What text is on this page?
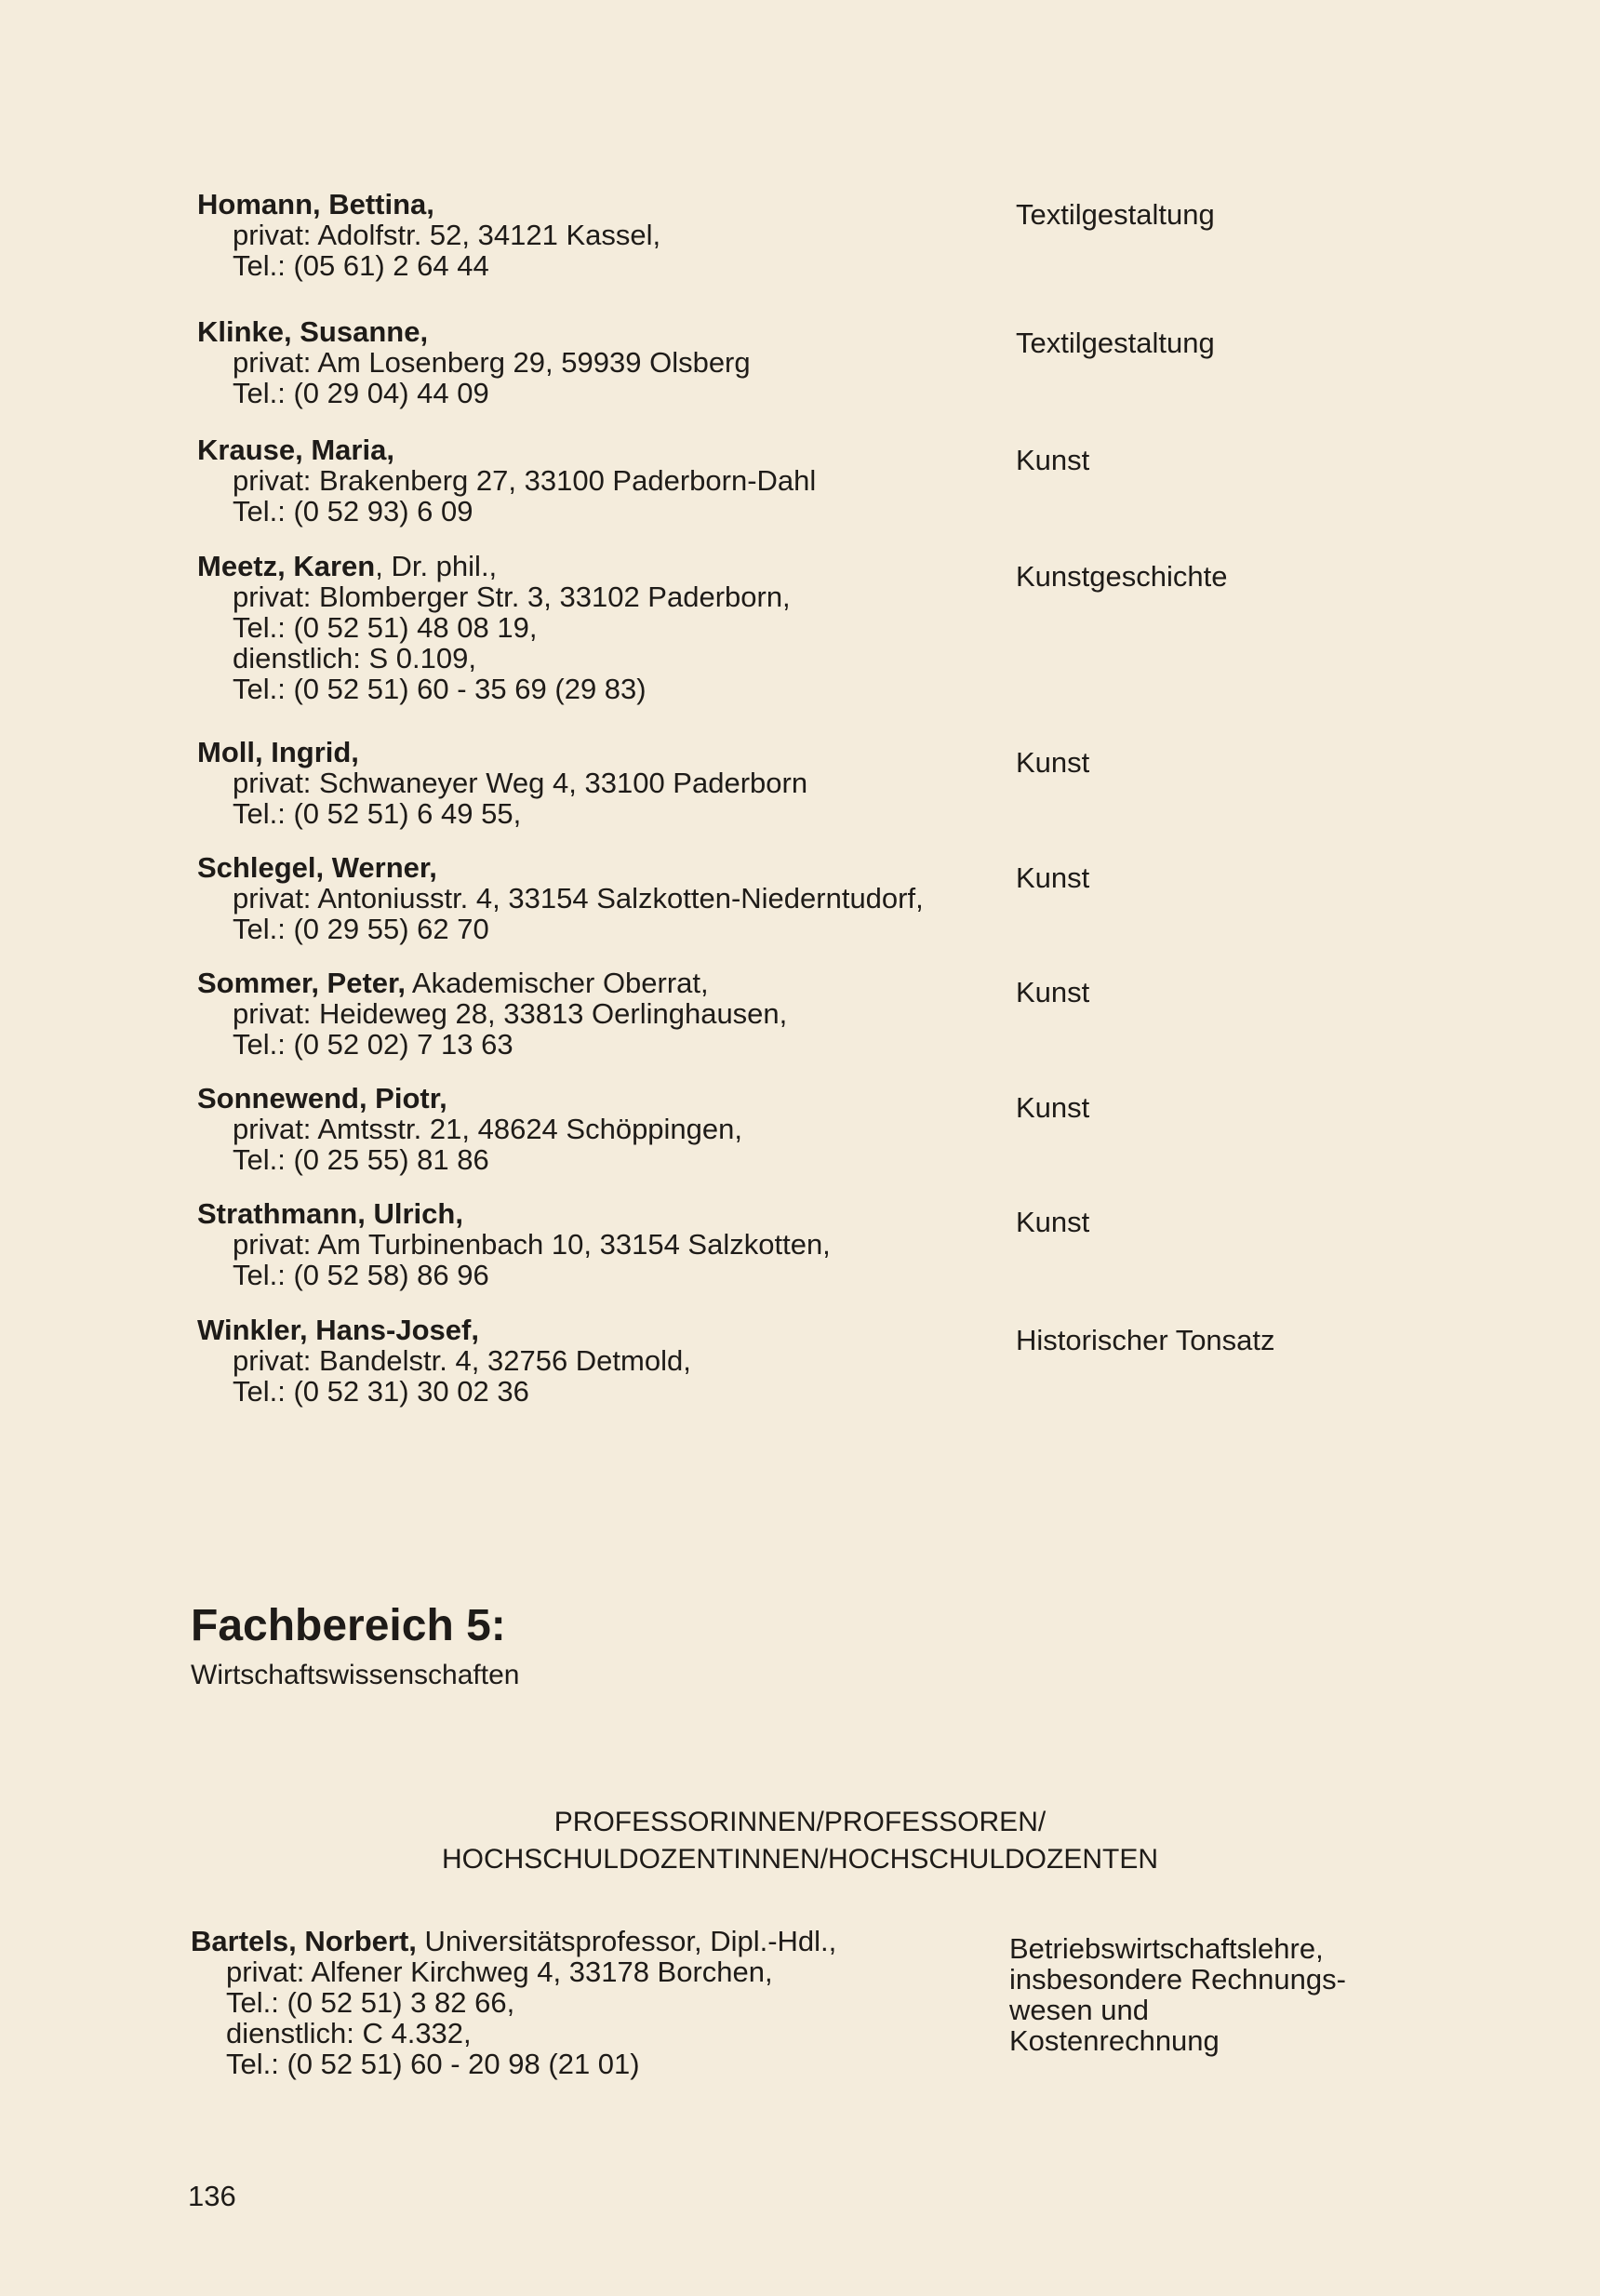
Homann, Bettina,
privat: Adolfstr. 52, 34121 Kassel,
Tel.: (05 61) 2 64 44
Textilgestaltung
Klinke, Susanne,
privat: Am Losenberg 29, 59939 Olsberg
Tel.: (0 29 04) 44 09
Textilgestaltung
Krause, Maria,
privat: Brakenberg 27, 33100 Paderborn-Dahl
Tel.: (0 52 93) 6 09
Kunst
Meetz, Karen, Dr. phil.,
privat: Blomberger Str. 3, 33102 Paderborn,
Tel.: (0 52 51) 48 08 19,
dienstlich: S 0.109,
Tel.: (0 52 51) 60 - 35 69 (29 83)
Kunstgeschichte
Moll, Ingrid,
privat: Schwaneyer Weg 4, 33100 Paderborn
Tel.: (0 52 51) 6 49 55,
Kunst
Schlegel, Werner,
privat: Antoniusstr. 4, 33154 Salzkotten-Niederntudorf,
Tel.: (0 29 55) 62 70
Kunst
Sommer, Peter, Akademischer Oberrat,
privat: Heideweg 28, 33813 Oerlinghausen,
Tel.: (0 52 02) 7 13 63
Kunst
Sonnewend, Piotr,
privat: Amtsstr. 21, 48624 Schöppingen,
Tel.: (0 25 55) 81 86
Kunst
Strathmann, Ulrich,
privat: Am Turbinenbach 10, 33154 Salzkotten,
Tel.: (0 52 58) 86 96
Kunst
Winkler, Hans-Josef,
privat: Bandelstr. 4, 32756 Detmold,
Tel.: (0 52 31) 30 02 36
Historischer Tonsatz
Fachbereich 5:
Wirtschaftswissenschaften
PROFESSORINNEN/PROFESSOREN/
HOCHSCHULDOZENTINNEN/HOCHSCHULDOZENTEN
Bartels, Norbert, Universitätsprofessor, Dipl.-Hdl.,
privat: Alfener Kirchweg 4, 33178 Borchen,
Tel.: (0 52 51) 3 82 66,
dienstlich: C 4.332,
Tel.: (0 52 51) 60 - 20 98 (21 01)
Betriebswirtschaftslehre,
insbesondere Rechnungs-
wesen und
Kostenrechnung
136
